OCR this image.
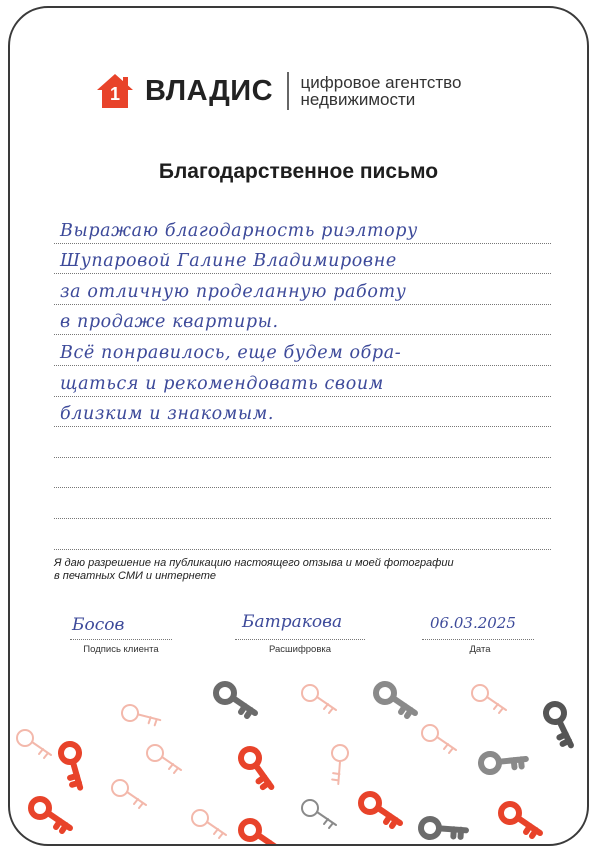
1 ВЛАДИС цифровое агентство
недвижимости
Благодарственное письмо
Выражаю благодарность риэлтору
Шупаровой Галине Владимировне
за отличную проделанную работу
в продаже квартиры.
Всё понравилось, еще будем обра-
щаться и рекомендовать своим
близким и знакомым.
Я даю разрешение на публикацию настоящего отзыва и моей фотографии
в печатных СМИ и интернете
Босов
Подпись клиента
Батракова
Расшифровка
06.03.2025
Дата
